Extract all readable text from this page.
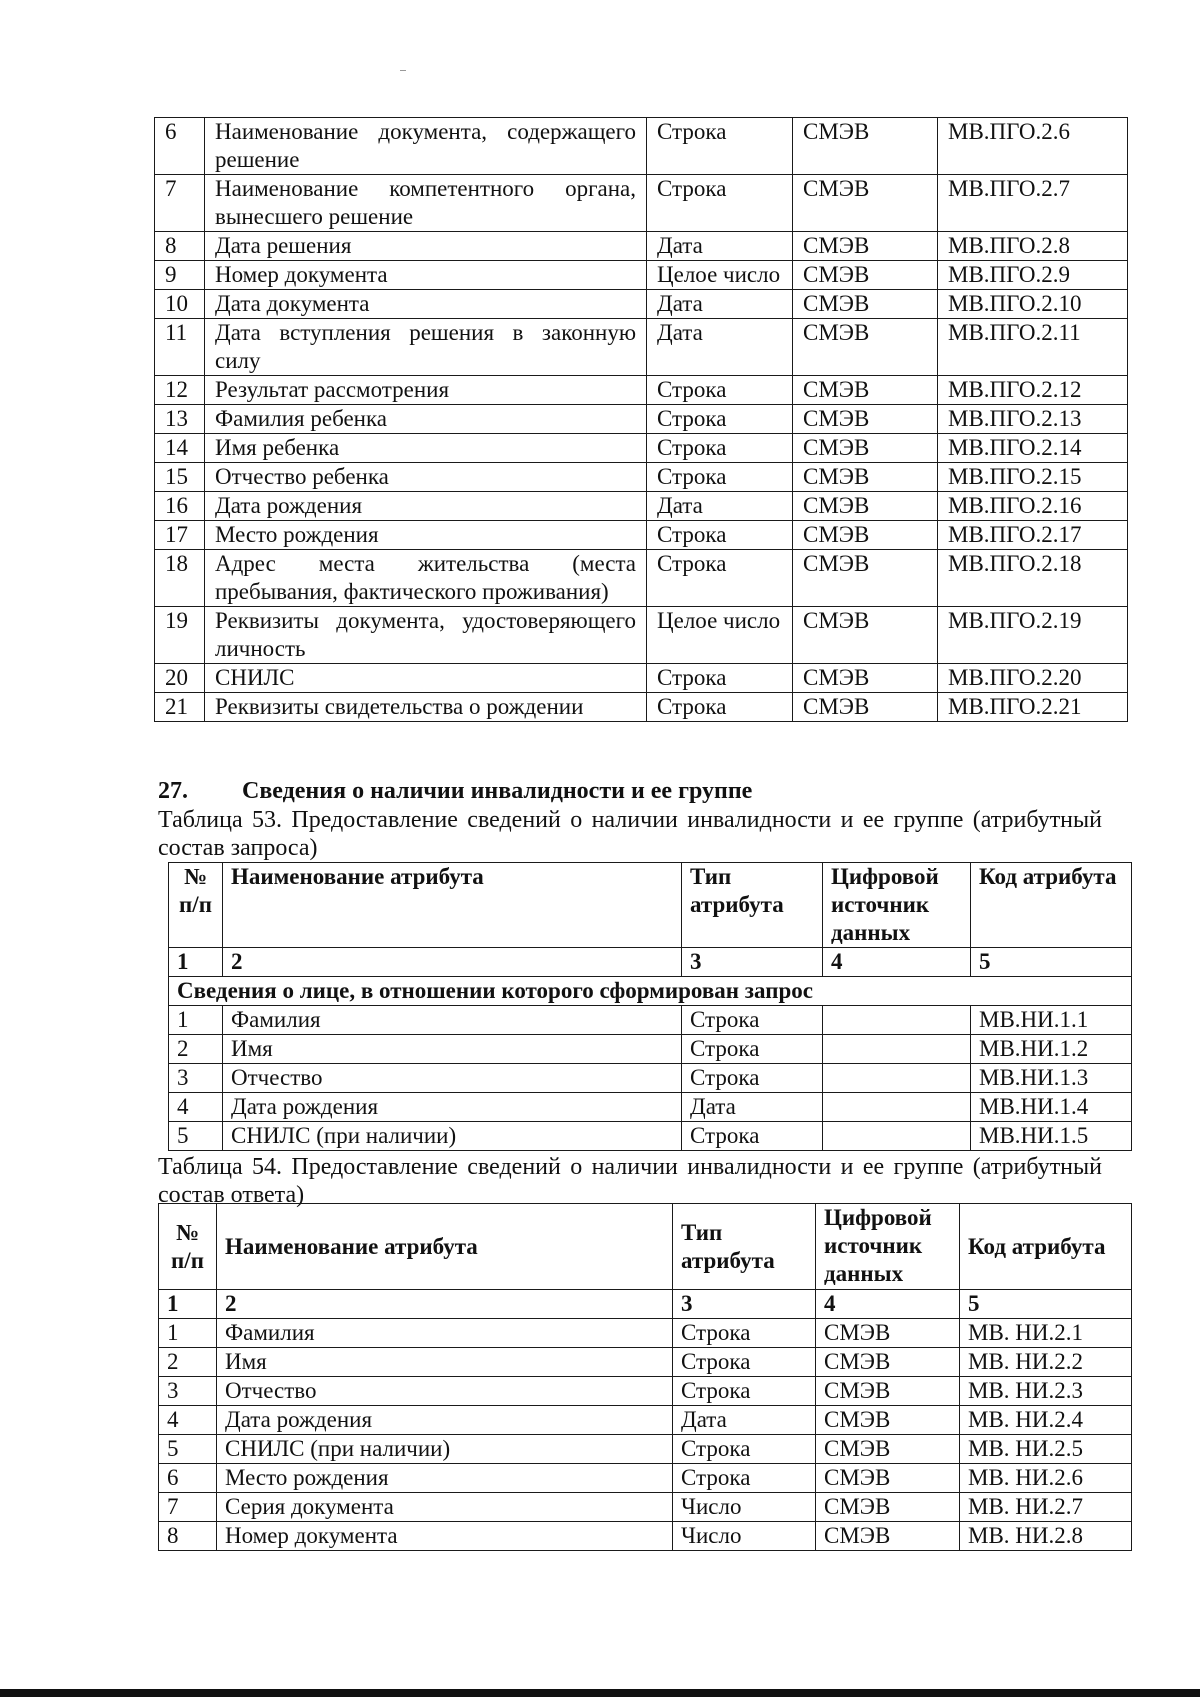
6	Наименование документа, содержащего решение	Строка	СМЭВ	МВ.ПГО.2.6
7	Наименование компетентного органа, вынесшего решение	Строка	СМЭВ	МВ.ПГО.2.7
8	Дата решения	Дата	СМЭВ	МВ.ПГО.2.8
9	Номер документа	Целое число	СМЭВ	МВ.ПГО.2.9
10	Дата документа	Дата	СМЭВ	МВ.ПГО.2.10
11	Дата вступления решения в законную силу	Дата	СМЭВ	МВ.ПГО.2.11
12	Результат рассмотрения	Строка	СМЭВ	МВ.ПГО.2.12
13	Фамилия ребенка	Строка	СМЭВ	МВ.ПГО.2.13
14	Имя ребенка	Строка	СМЭВ	МВ.ПГО.2.14
15	Отчество ребенка	Строка	СМЭВ	МВ.ПГО.2.15
16	Дата рождения	Дата	СМЭВ	МВ.ПГО.2.16
17	Место рождения	Строка	СМЭВ	МВ.ПГО.2.17
18	Адрес места жительства (места пребывания, фактического проживания)	Строка	СМЭВ	МВ.ПГО.2.18
19	Реквизиты документа, удостоверяющего личность	Целое число	СМЭВ	МВ.ПГО.2.19
20	СНИЛС	Строка	СМЭВ	МВ.ПГО.2.20
21	Реквизиты свидетельства о рождении	Строка	СМЭВ	МВ.ПГО.2.21
27. Сведения о наличии инвалидности и ее группе
Таблица 53. Предоставление сведений о наличии инвалидности и ее группе (атрибутный состав запроса)
№ п/п	Наименование атрибута	Тип атрибута	Цифровой источник данных	Код атрибута
1	2	3	4	5
Сведения о лице, в отношении которого сформирован запрос				
1	Фамилия	Строка		МВ.НИ.1.1
2	Имя	Строка		МВ.НИ.1.2
3	Отчество	Строка		МВ.НИ.1.3
4	Дата рождения	Дата		МВ.НИ.1.4
5	СНИЛС (при наличии)	Строка		МВ.НИ.1.5
Таблица 54. Предоставление сведений о наличии инвалидности и ее группе (атрибутный состав ответа)
№ п/п	Наименование атрибута	Тип атрибута	Цифровой источник данных	Код атрибута
1	2	3	4	5
1	Фамилия	Строка	СМЭВ	МВ. НИ.2.1
2	Имя	Строка	СМЭВ	МВ. НИ.2.2
3	Отчество	Строка	СМЭВ	МВ. НИ.2.3
4	Дата рождения	Дата	СМЭВ	МВ. НИ.2.4
5	СНИЛС (при наличии)	Строка	СМЭВ	МВ. НИ.2.5
6	Место рождения	Строка	СМЭВ	МВ. НИ.2.6
7	Серия документа	Число	СМЭВ	МВ. НИ.2.7
8	Номер документа	Число	СМЭВ	МВ. НИ.2.8
